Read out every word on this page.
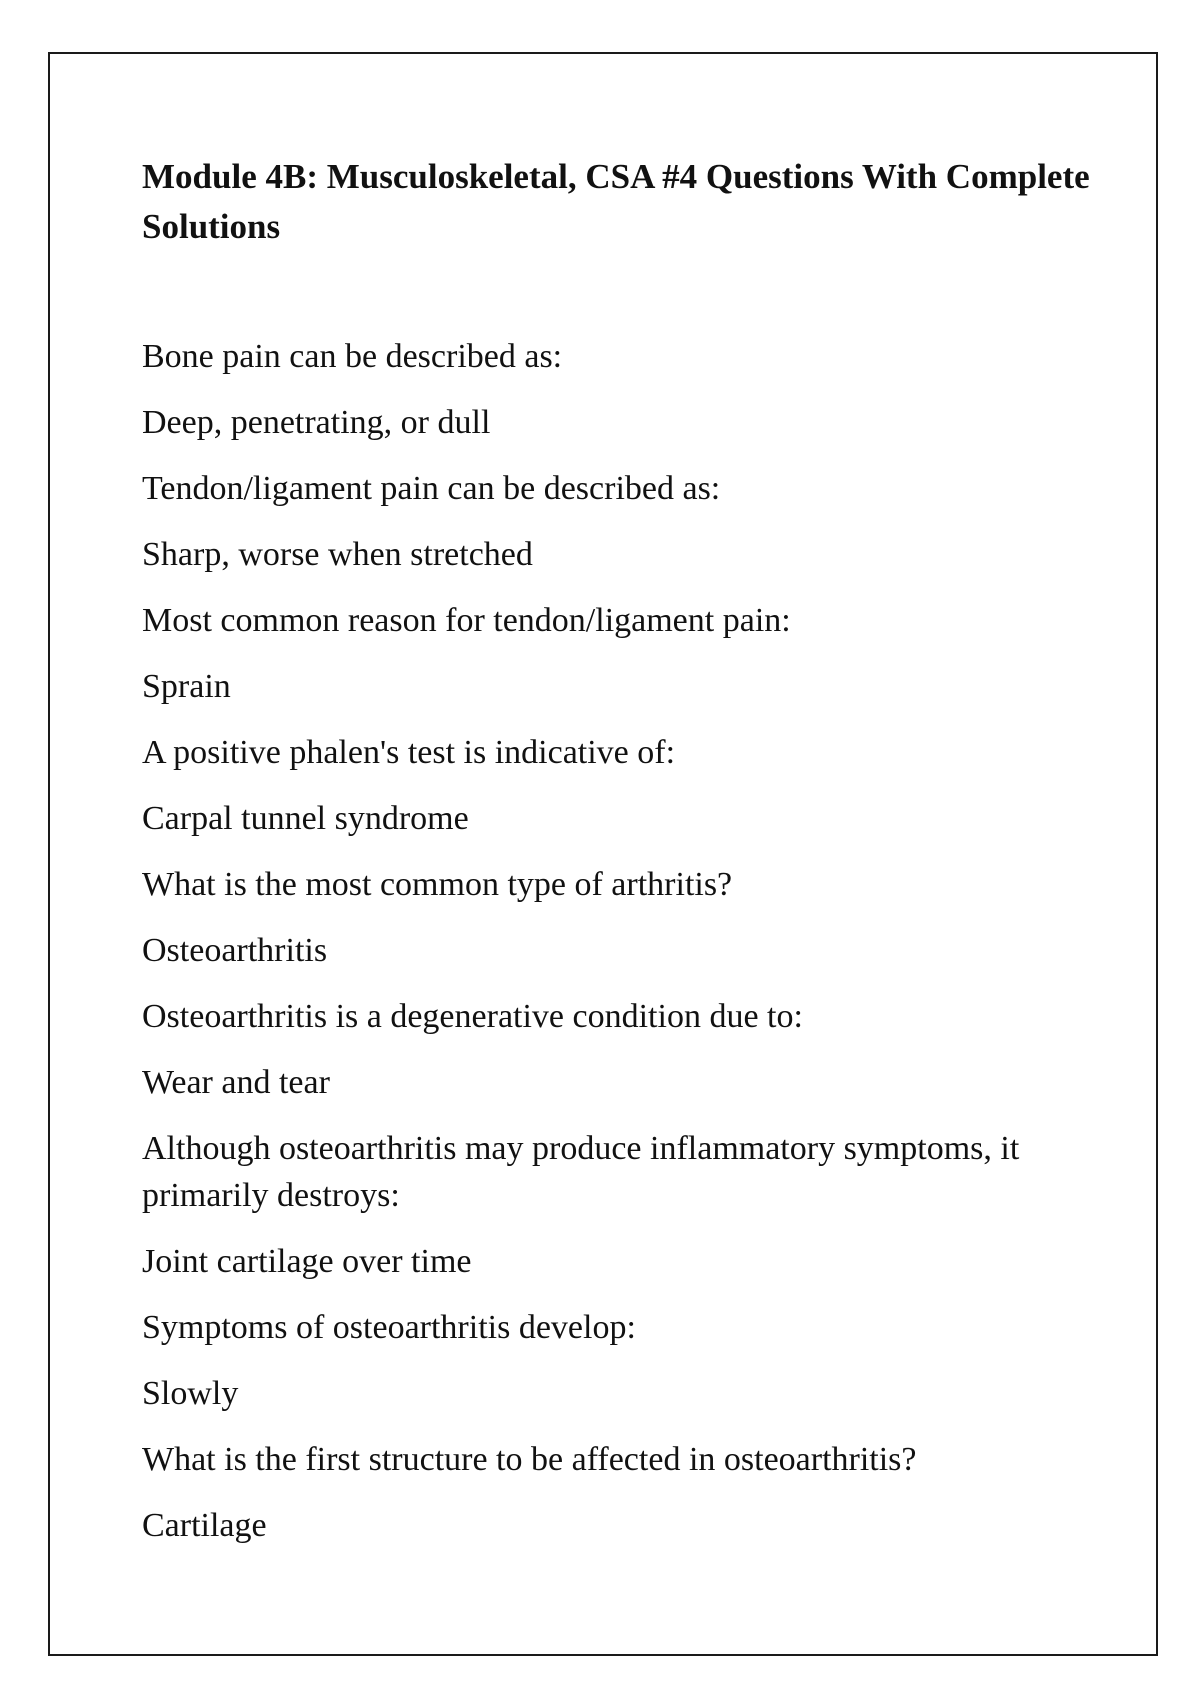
Module 4B: Musculoskeletal, CSA #4 Questions With Complete Solutions

Bone pain can be described as:

Deep, penetrating, or dull

Tendon/ligament pain can be described as:

Sharp, worse when stretched

Most common reason for tendon/ligament pain:

Sprain

A positive phalen's test is indicative of:

Carpal tunnel syndrome

What is the most common type of arthritis?

Osteoarthritis

Osteoarthritis is a degenerative condition due to:

Wear and tear

Although osteoarthritis may produce inflammatory symptoms, it primarily destroys:

Joint cartilage over time

Symptoms of osteoarthritis develop:

Slowly

What is the first structure to be affected in osteoarthritis?

Cartilage
